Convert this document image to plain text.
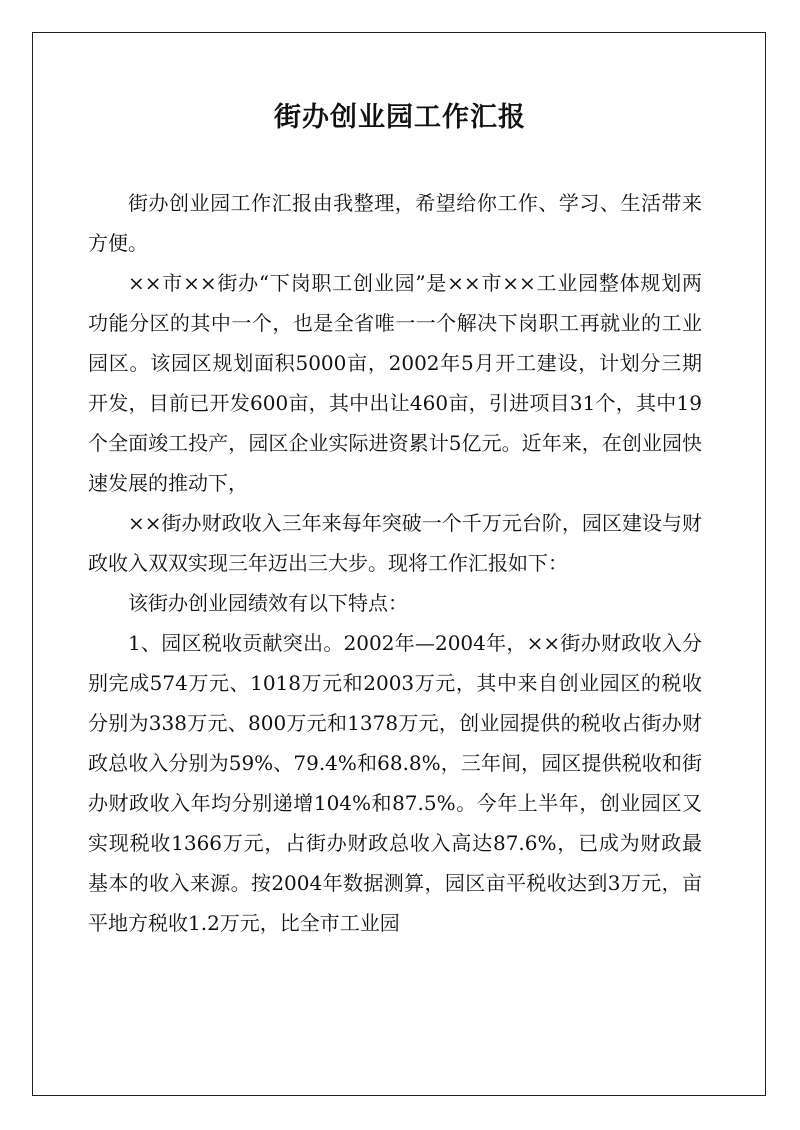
街办创业园工作汇报

街办创业园工作汇报由我整理，希望给你工作、学习、生活带来方便。

××市××街办“下岗职工创业园”是××市××工业园整体规划两功能分区的其中一个，也是全省唯一一个解决下岗职工再就业的工业园区。该园区规划面积5000亩，2002年5月开工建设，计划分三期开发，目前已开发600亩，其中出让460亩，引进项目31个，其中19个全面竣工投产，园区企业实际进资累计5亿元。近年来，在创业园快速发展的推动下，

××街办财政收入三年来每年突破一个千万元台阶，园区建设与财政收入双双实现三年迈出三大步。现将工作汇报如下：

该街办创业园绩效有以下特点：

1、园区税收贡献突出。2002年—2004年，××街办财政收入分别完成574万元、1018万元和2003万元，其中来自创业园区的税收分别为338万元、800万元和1378万元，创业园提供的税收占街办财政总收入分别为59%、79.4%和68.8%，三年间，园区提供税收和街办财政收入年均分别递增104%和87.5%。今年上半年，创业园区又实现税收1366万元，占街办财政总收入高达87.6%，已成为财政最基本的收入来源。按2004年数据测算，园区亩平税收达到3万元，亩平地方税收1.2万元，比全市工业园
